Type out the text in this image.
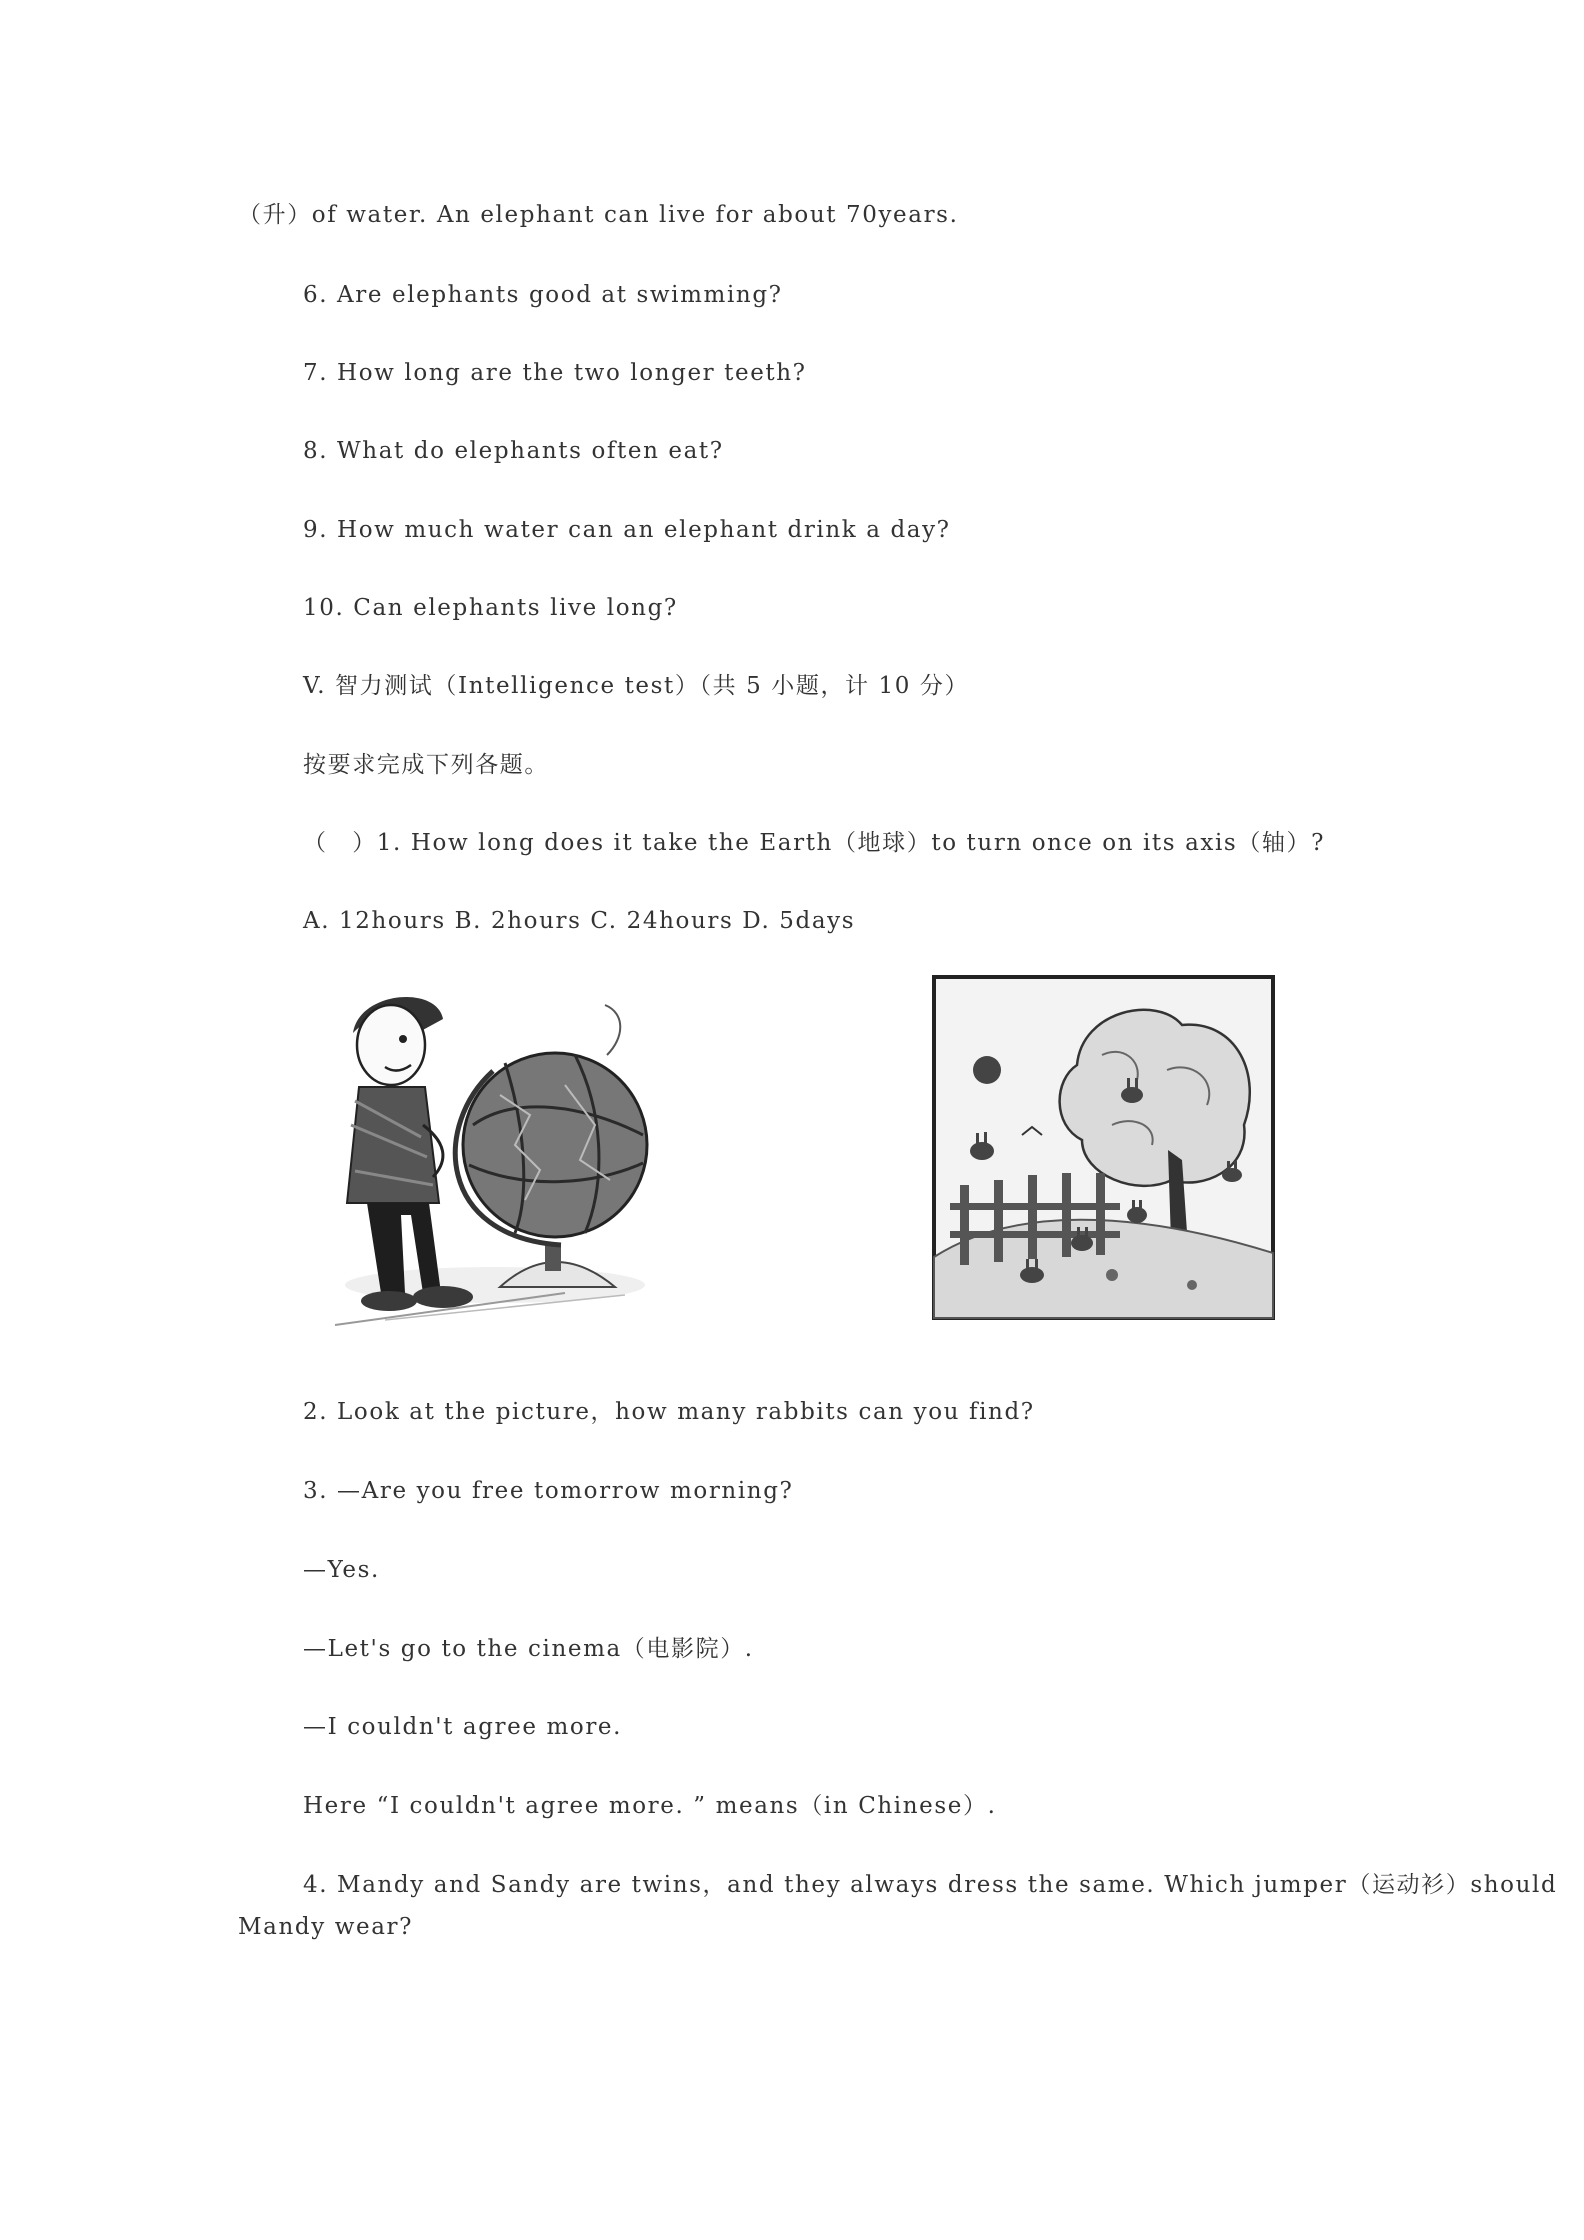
（升）of water. An elephant can live for about 70years.
6. Are elephants good at swimming?
7. How long are the two longer teeth?
8. What do elephants often eat?
9. How much water can an elephant drink a day?
10. Can elephants live long?
V. 智力测试（Intelligence test）（共 5 小题，计 10 分）
按要求完成下列各题。
（　）1. How long does it take the Earth（地球）to turn once on its axis（轴）?
A. 12hours B. 2hours C. 24hours D. 5days
2. Look at the picture，how many rabbits can you find?
3. —Are you free tomorrow morning?
—Yes.
—Let's go to the cinema（电影院）.
—I couldn't agree more.
Here “I couldn't agree more. ” means（in Chinese）.
4. Mandy and Sandy are twins，and they always dress the same. Which jumper（运动衫）should
Mandy wear?
